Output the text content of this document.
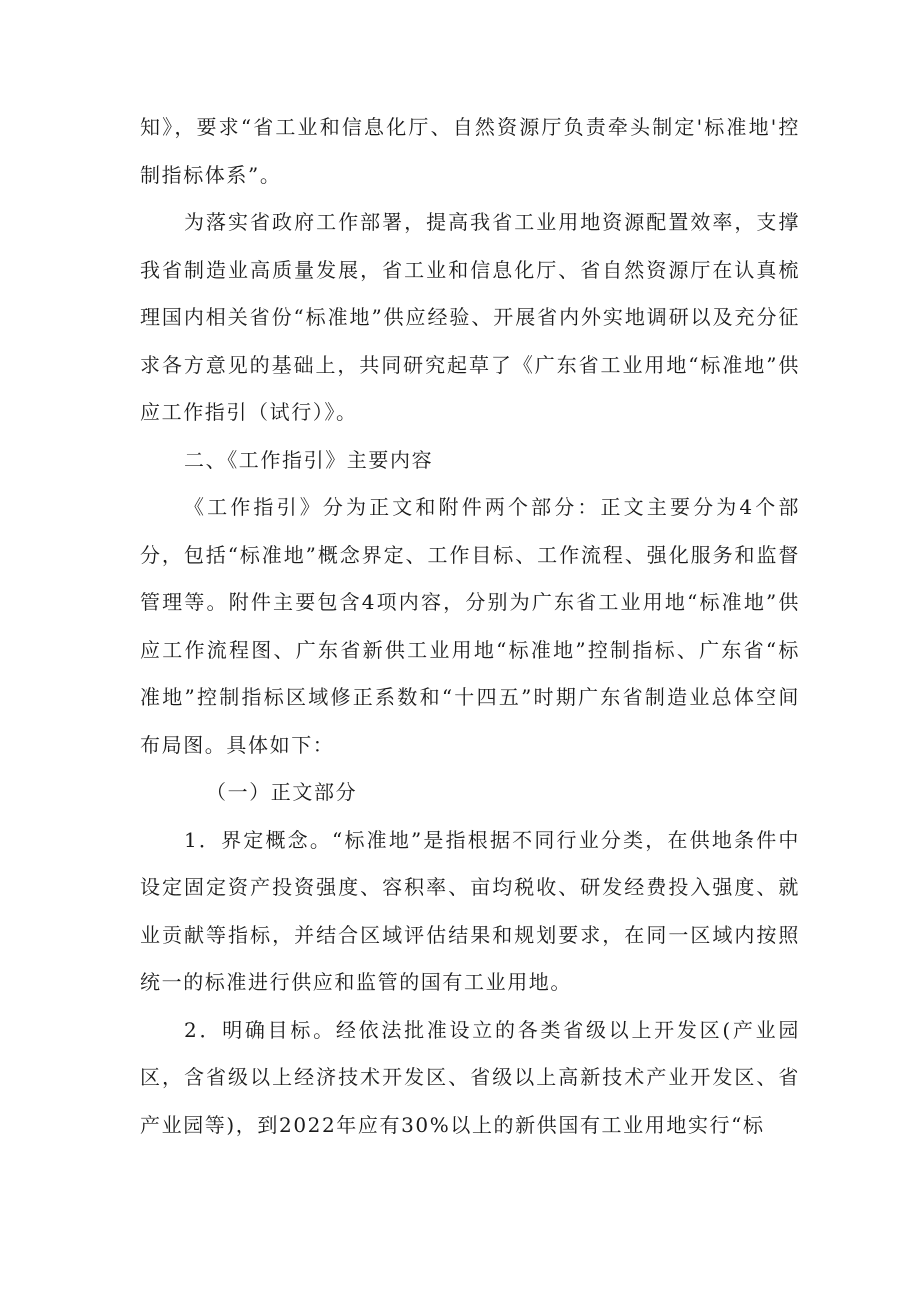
知》，要求“省工业和信息化厅、自然资源厅负责牵头制定'标准地'控制指标体系”。

为落实省政府工作部署，提高我省工业用地资源配置效率，支撑我省制造业高质量发展，省工业和信息化厅、省自然资源厅在认真梳理国内相关省份“标准地”供应经验、开展省内外实地调研以及充分征求各方意见的基础上，共同研究起草了《广东省工业用地“标准地”供应工作指引（试行）》。

二、《工作指引》主要内容

《工作指引》分为正文和附件两个部分：正文主要分为4个部分，包括“标准地”概念界定、工作目标、工作流程、强化服务和监督管理等。附件主要包含4项内容，分别为广东省工业用地“标准地”供应工作流程图、广东省新供工业用地“标准地”控制指标、广东省“标准地”控制指标区域修正系数和“十四五”时期广东省制造业总体空间布局图。具体如下：

（一）正文部分

1．界定概念。“标准地”是指根据不同行业分类，在供地条件中设定固定资产投资强度、容积率、亩均税收、研发经费投入强度、就业贡献等指标，并结合区域评估结果和规划要求，在同一区域内按照统一的标准进行供应和监管的国有工业用地。

2．明确目标。经依法批准设立的各类省级以上开发区(产业园区，含省级以上经济技术开发区、省级以上高新技术产业开发区、省产业园等)，到2022年应有30%以上的新供国有工业用地实行“标
